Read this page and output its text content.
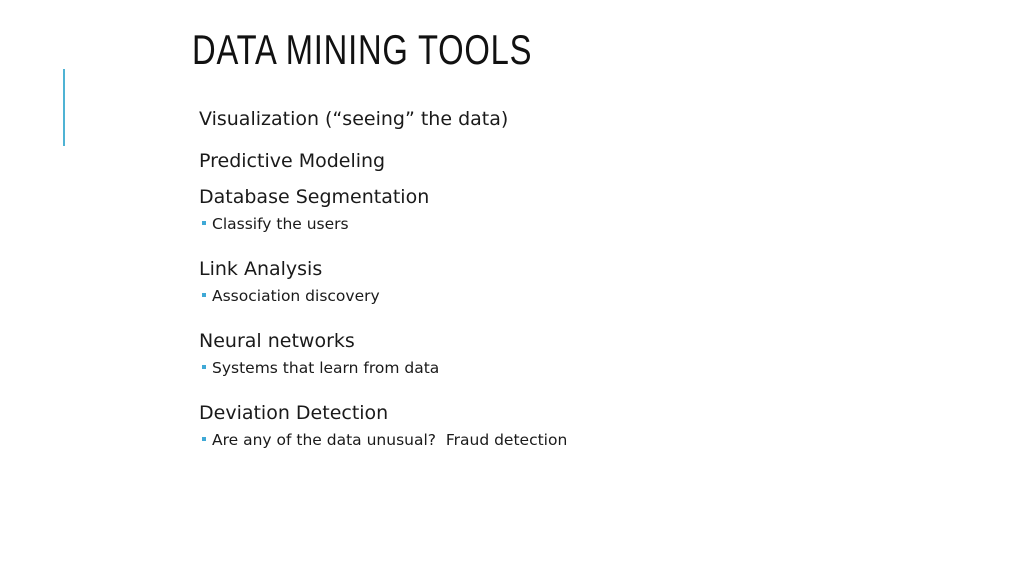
DATA MINING TOOLS
Visualization (“seeing” the data)
Predictive Modeling
Database Segmentation
Classify the users
Link Analysis
Association discovery
Neural networks
Systems that learn from data
Deviation Detection
Are any of the data unusual?  Fraud detection
